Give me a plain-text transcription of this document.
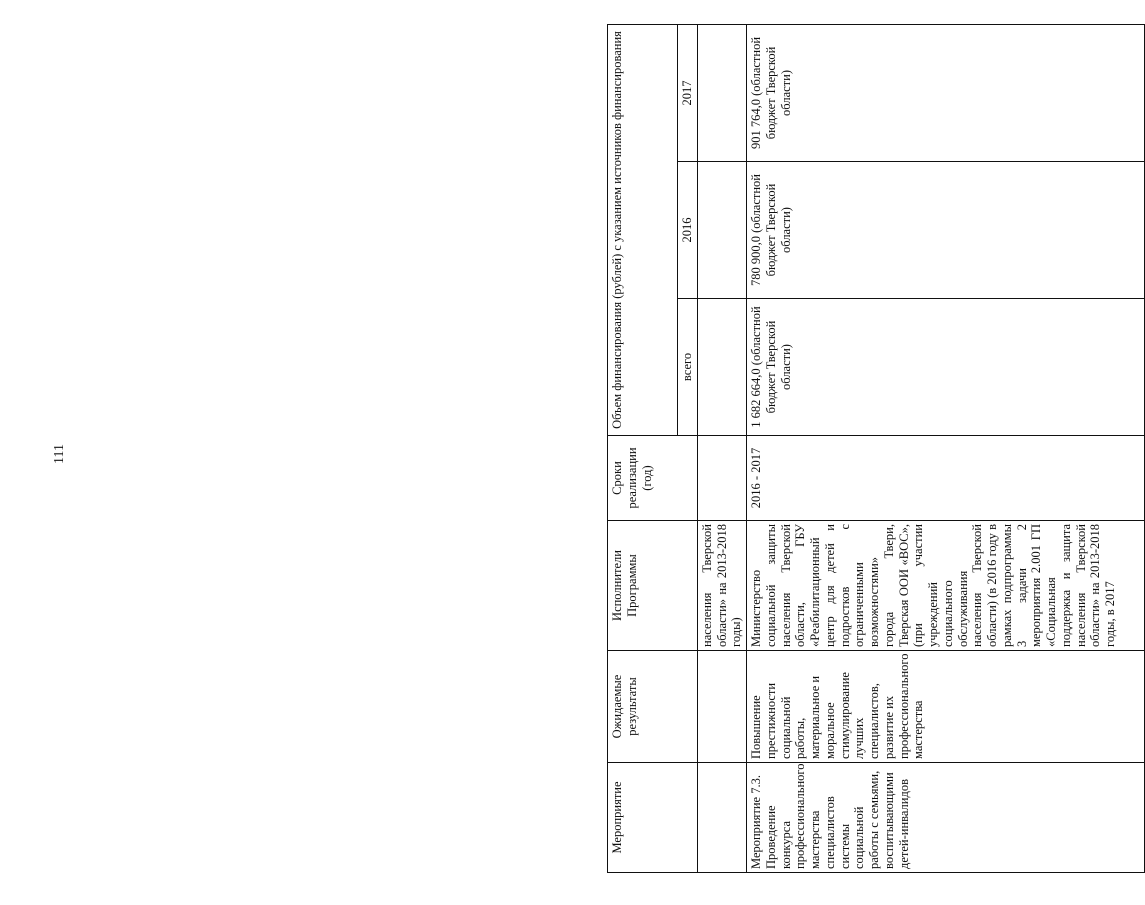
111
Мероприятие	Ожидаемые результаты	Исполнители Программы	Сроки реализации (год)	Объем финансирования (рублей) с указанием источников финансирования		
				всего	2016	2017
		населения Тверской области» на 2013-2018 годы)				
Мероприятие 7.3. Проведение конкурса профессионального мастерства специалистов системы социальной работы с семьями, воспитывающими детей-инвалидов	Повышение престижности социальной работы, материальное и моральное стимулирование лучших специалистов, развитие их профессионального мастерства	Министерство социальной защиты населения Тверской области, ГБУ «Реабилитационный центр для детей и подростков с ограниченными возможностями» города Твери, Тверская ООИ «ВОС», (при участии учреждений социального обслуживания населения Тверской области) (в 2016 году в рамках подпрограммы 3 задачи 2 мероприятия 2.001 ГП «Социальная поддержка и защита населения Тверской области» на 2013-2018 годы, в 2017	2016 - 2017	1 682 664,0 (областной бюджет Тверской области)	780 900,0 (областной бюджет Тверской области)	901 764,0 (областной бюджет Тверской области)
